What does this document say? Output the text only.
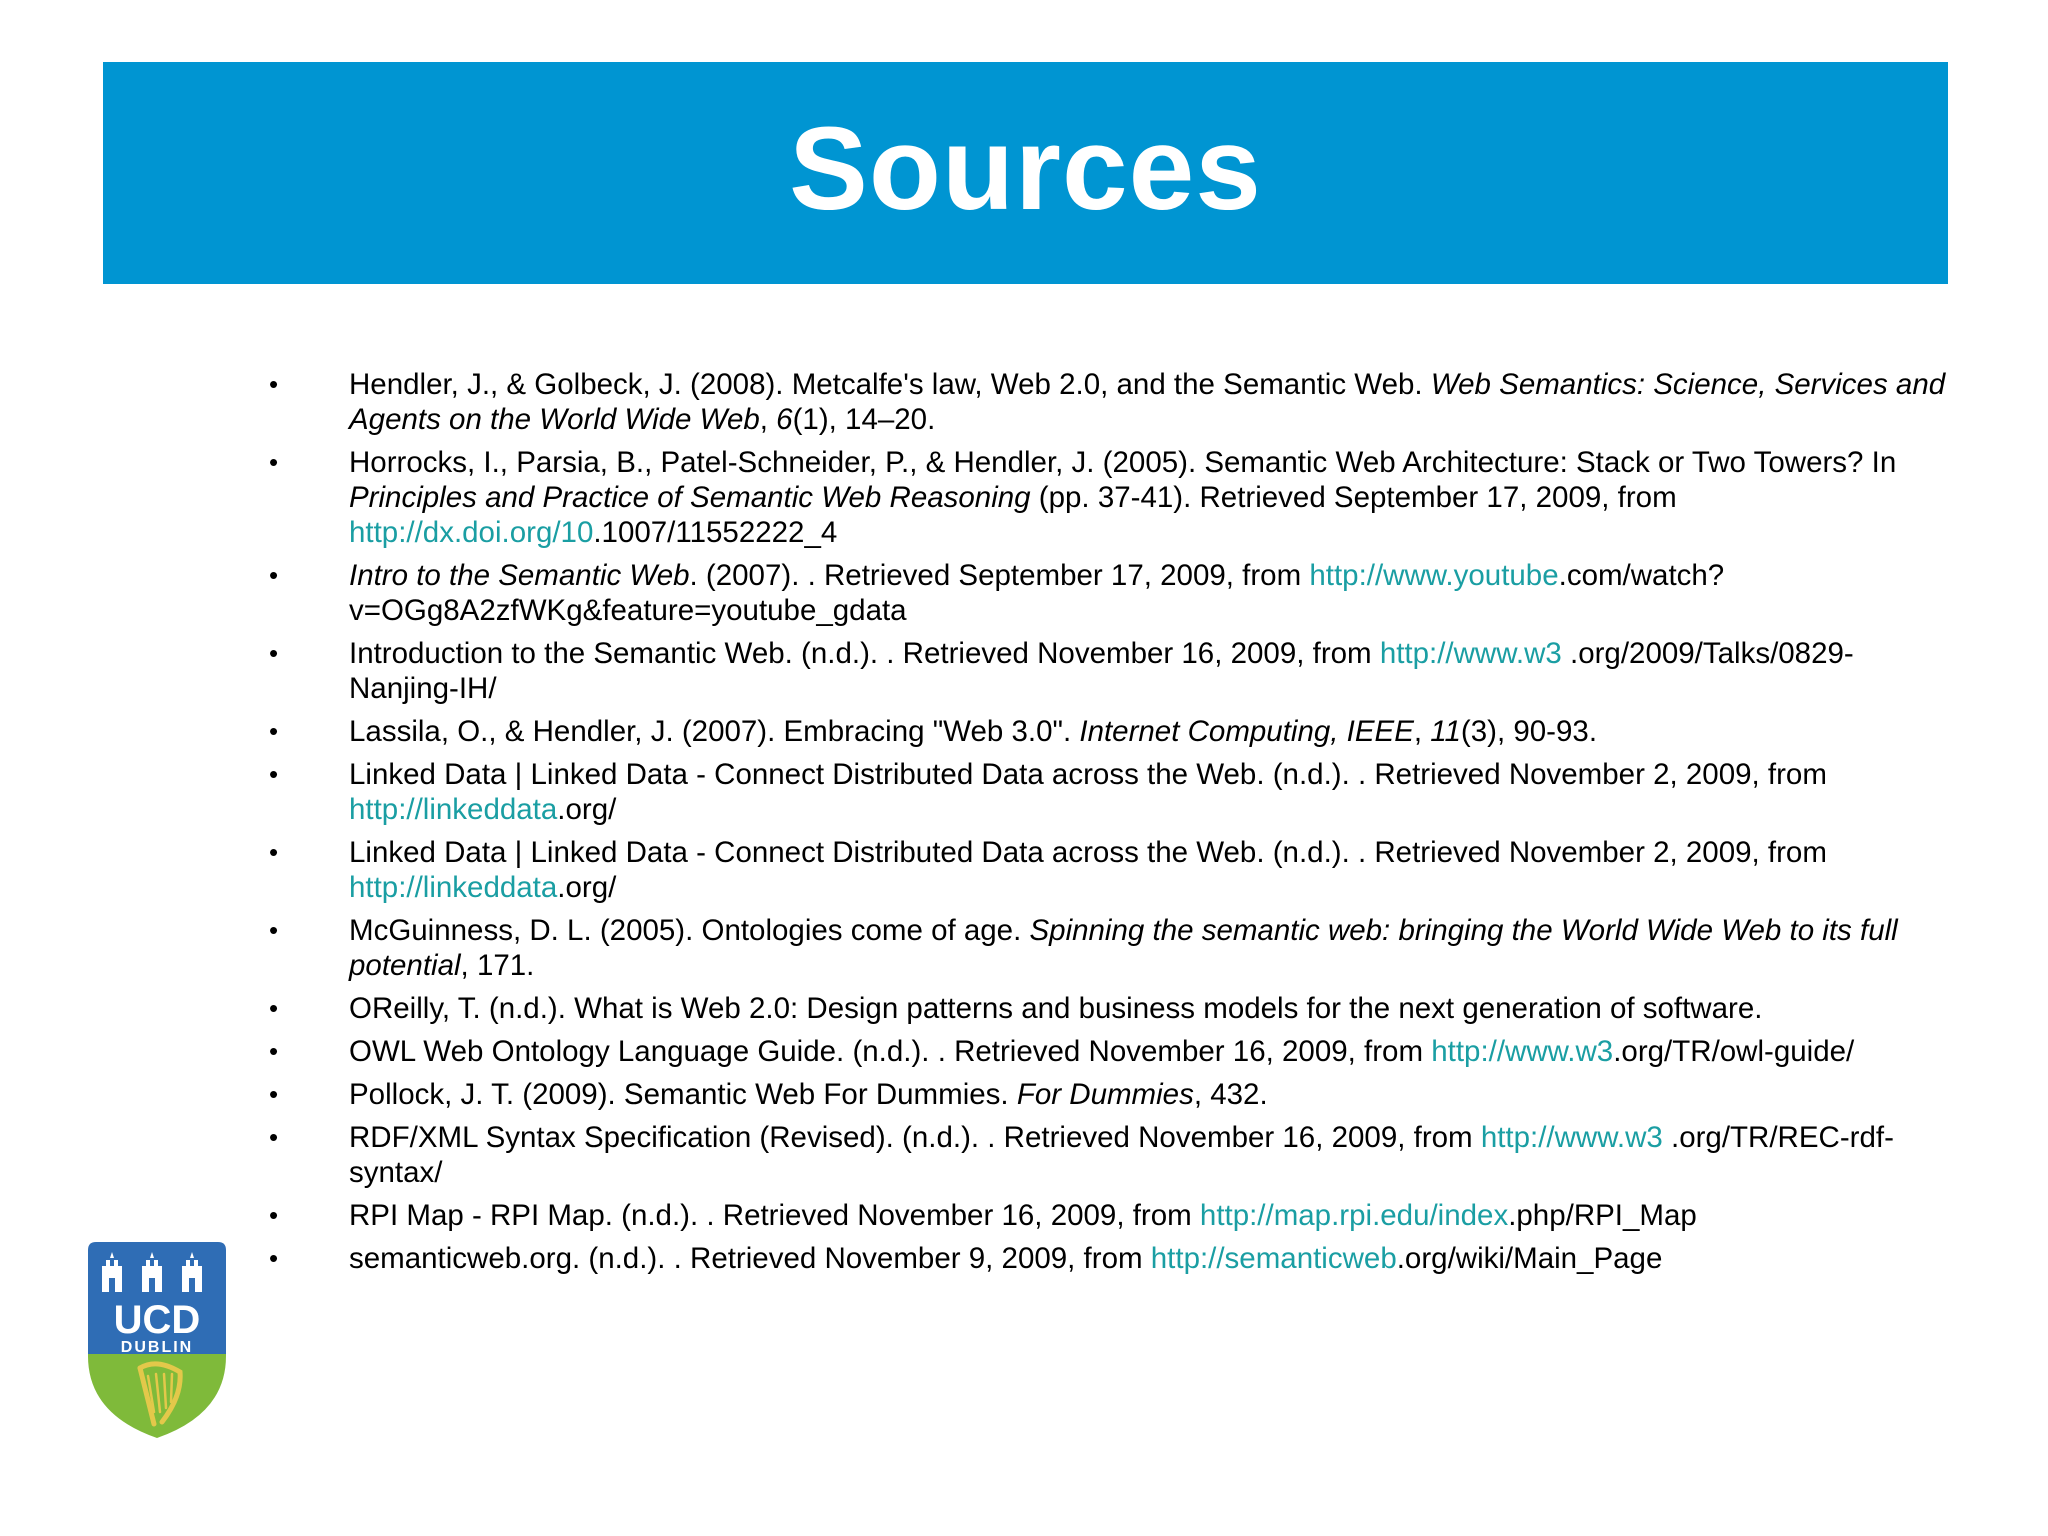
Sources
• Hendler, J., & Golbeck, J. (2008). Metcalfe's law, Web 2.0, and the Semantic Web. Web Semantics: Science, Services and Agents on the World Wide Web, 6(1), 14–20.
• Horrocks, I., Parsia, B., Patel-Schneider, P., & Hendler, J. (2005). Semantic Web Architecture: Stack or Two Towers? In Principles and Practice of Semantic Web Reasoning (pp. 37-41). Retrieved September 17, 2009, from http://dx.doi.org/10.1007/11552222_4
• Intro to the Semantic Web. (2007). . Retrieved September 17, 2009, from http://www.youtube.com/watch?v=OGg8A2zfWKg&feature=youtube_gdata
• Introduction to the Semantic Web. (n.d.). . Retrieved November 16, 2009, from http://www.w3 .org/2009/Talks/0829-Nanjing-IH/
• Lassila, O., & Hendler, J. (2007). Embracing "Web 3.0". Internet Computing, IEEE, 11(3), 90-93.
• Linked Data | Linked Data - Connect Distributed Data across the Web. (n.d.). . Retrieved November 2, 2009, from http://linkeddata.org/
• Linked Data | Linked Data - Connect Distributed Data across the Web. (n.d.). . Retrieved November 2, 2009, from http://linkeddata.org/
• McGuinness, D. L. (2005). Ontologies come of age. Spinning the semantic web: bringing the World Wide Web to its full potential, 171.
• OReilly, T. (n.d.). What is Web 2.0: Design patterns and business models for the next generation of software.
• OWL Web Ontology Language Guide. (n.d.). . Retrieved November 16, 2009, from http://www.w3.org/TR/owl-guide/
• Pollock, J. T. (2009). Semantic Web For Dummies. For Dummies, 432.
• RDF/XML Syntax Specification (Revised). (n.d.). . Retrieved November 16, 2009, from http://www.w3 .org/TR/REC-rdf-syntax/
• RPI Map - RPI Map. (n.d.). . Retrieved November 16, 2009, from http://map.rpi.edu/index.php/RPI_Map
• semanticweb.org. (n.d.). . Retrieved November 9, 2009, from http://semanticweb.org/wiki/Main_Page
UCD
DUBLIN
